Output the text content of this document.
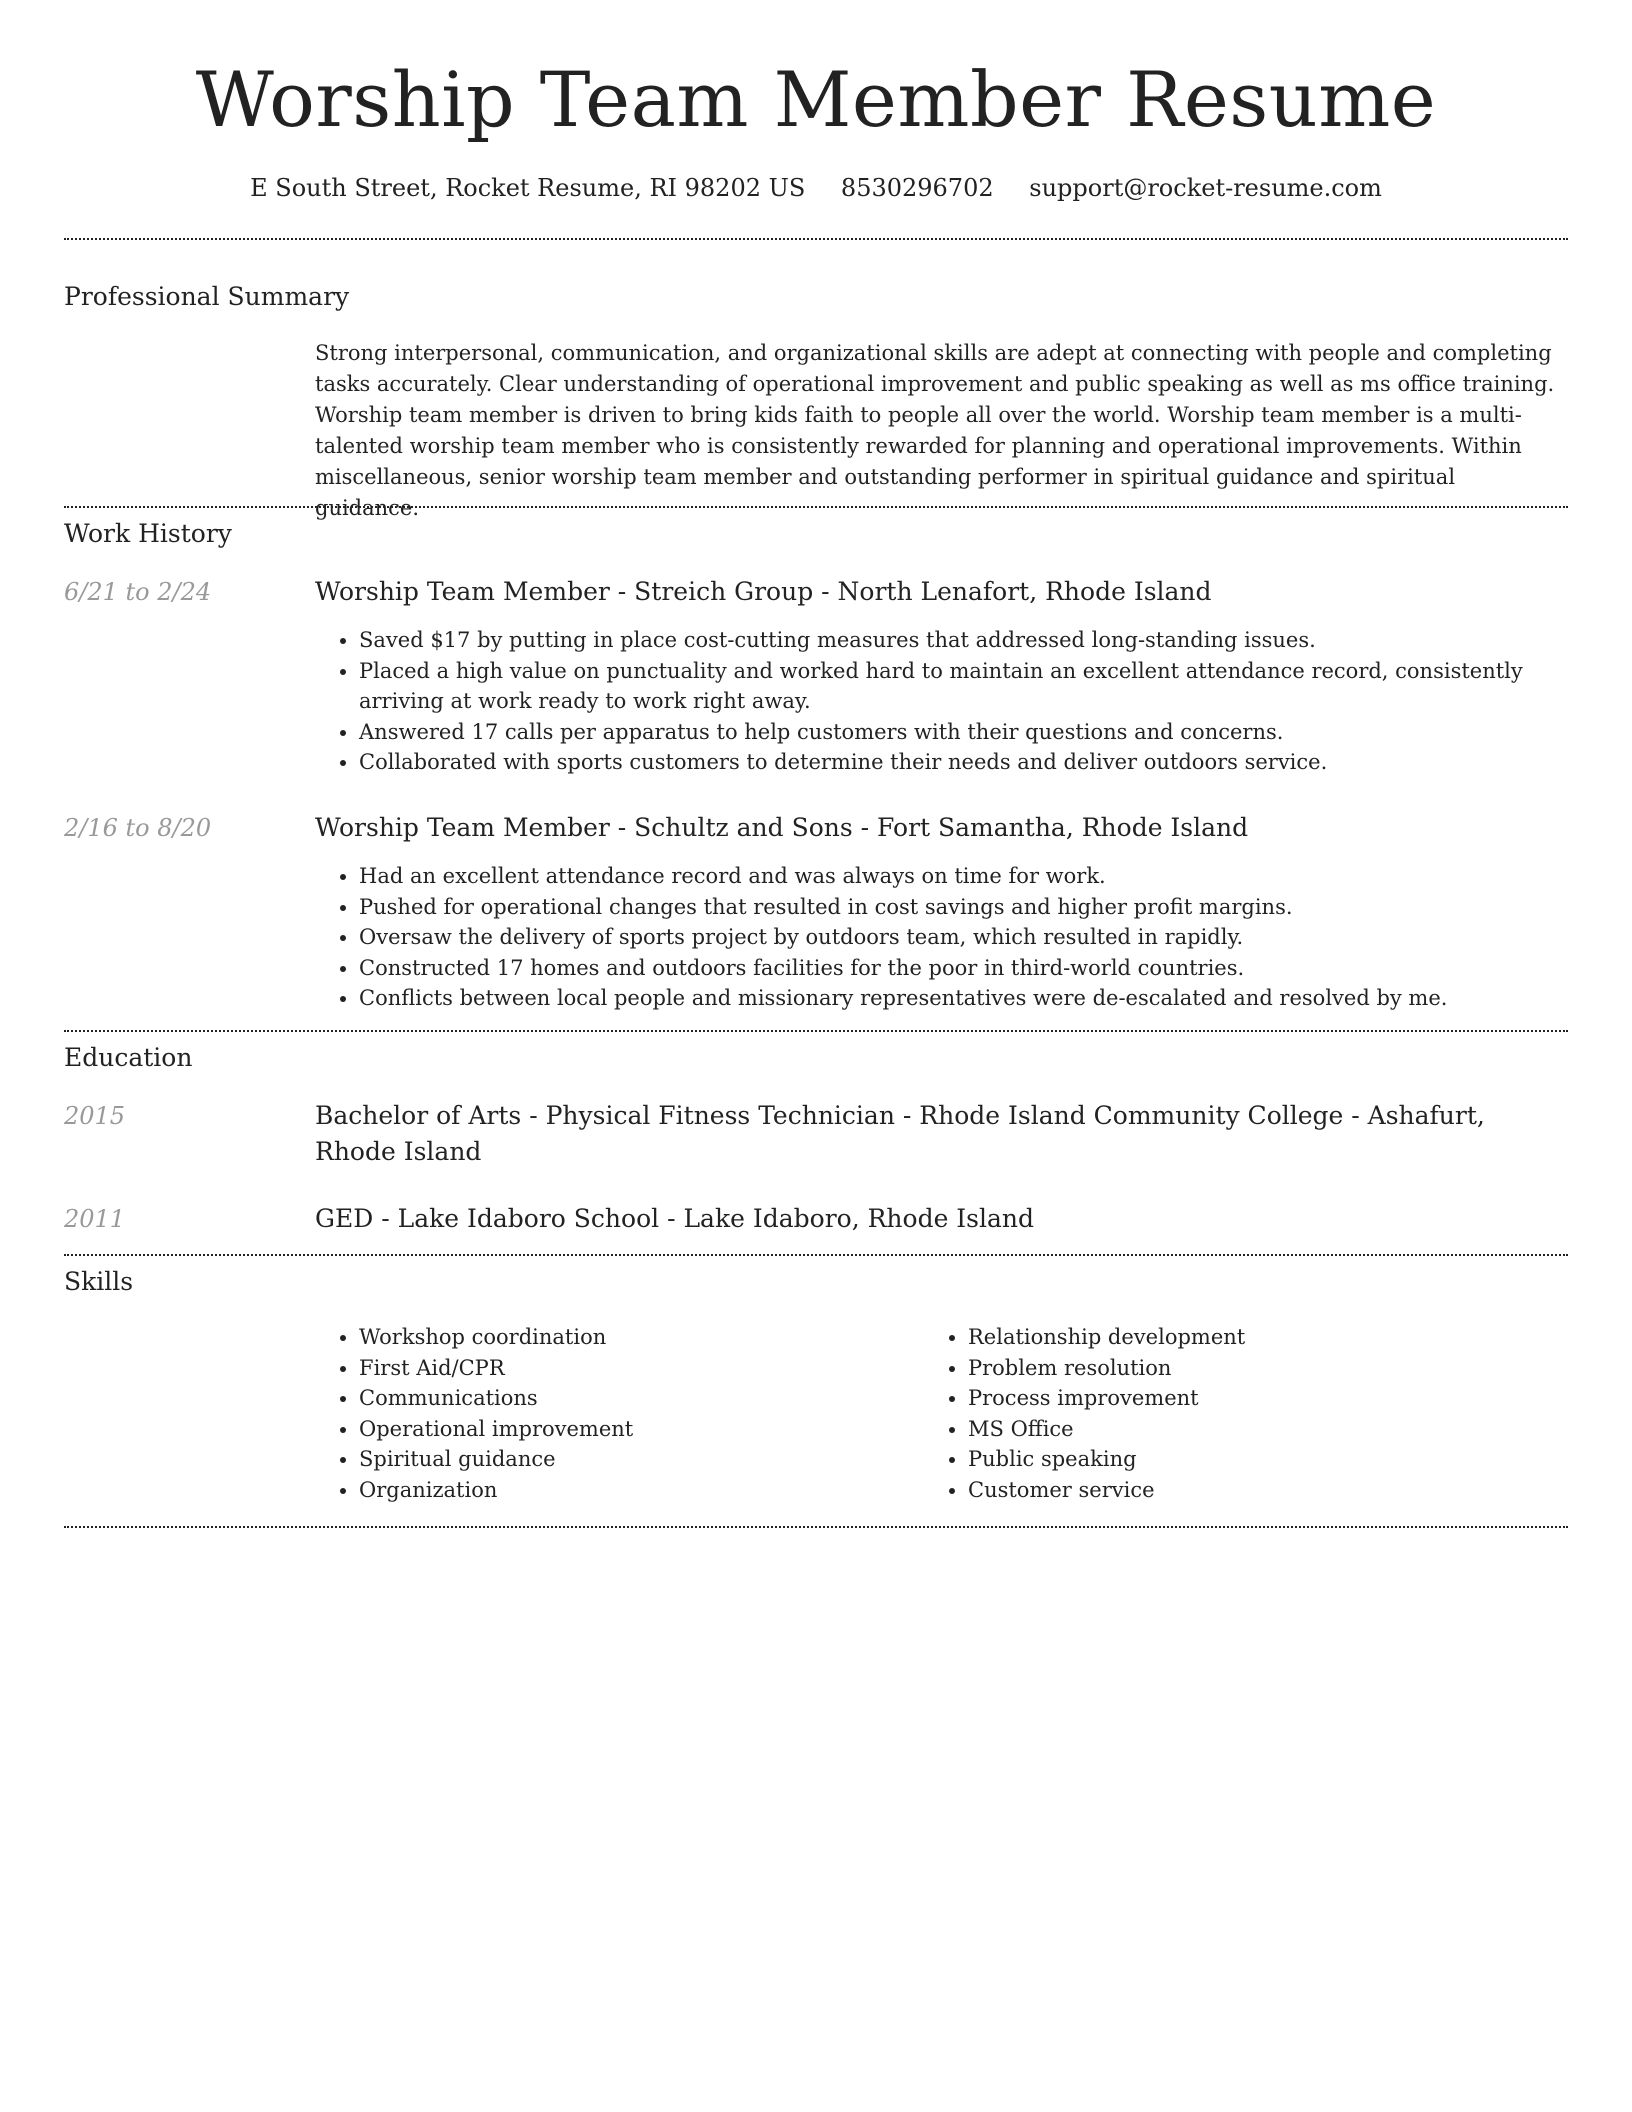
Worship Team Member Resume
E South Street, Rocket Resume, RI 98202 US 8530296702 support@rocket-resume.com
Professional Summary

Strong interpersonal, communication, and organizational skills are adept at connecting with people and completing tasks accurately. Clear understanding of operational improvement and public speaking as well as ms office training. Worship team member is driven to bring kids faith to people all over the world. Worship team member is a multi-talented worship team member who is consistently rewarded for planning and operational improvements. Within miscellaneous, senior worship team member and outstanding performer in spiritual guidance and spiritual guidance.

Work History
6/21 to 2/24	Worship Team Member - Streich Group - North Lenafort, Rhode Island
• Saved $17 by putting in place cost-cutting measures that addressed long-standing issues.
• Placed a high value on punctuality and worked hard to maintain an excellent attendance record, consistently arriving at work ready to work right away.
• Answered 17 calls per apparatus to help customers with their questions and concerns.
• Collaborated with sports customers to determine their needs and deliver outdoors service.
2/16 to 8/20	Worship Team Member - Schultz and Sons - Fort Samantha, Rhode Island
• Had an excellent attendance record and was always on time for work.
• Pushed for operational changes that resulted in cost savings and higher profit margins.
• Oversaw the delivery of sports project by outdoors team, which resulted in rapidly.
• Constructed 17 homes and outdoors facilities for the poor in third-world countries.
• Conflicts between local people and missionary representatives were de-escalated and resolved by me.
Education
2015	Bachelor of Arts - Physical Fitness Technician - Rhode Island Community College - Ashafurt, Rhode Island
2011	GED - Lake Idaboro School - Lake Idaboro, Rhode Island
Skills
• Workshop coordination
• First Aid/CPR
• Communications
• Operational improvement
• Spiritual guidance
• Organization
• Relationship development
• Problem resolution
• Process improvement
• MS Office
• Public speaking
• Customer service
